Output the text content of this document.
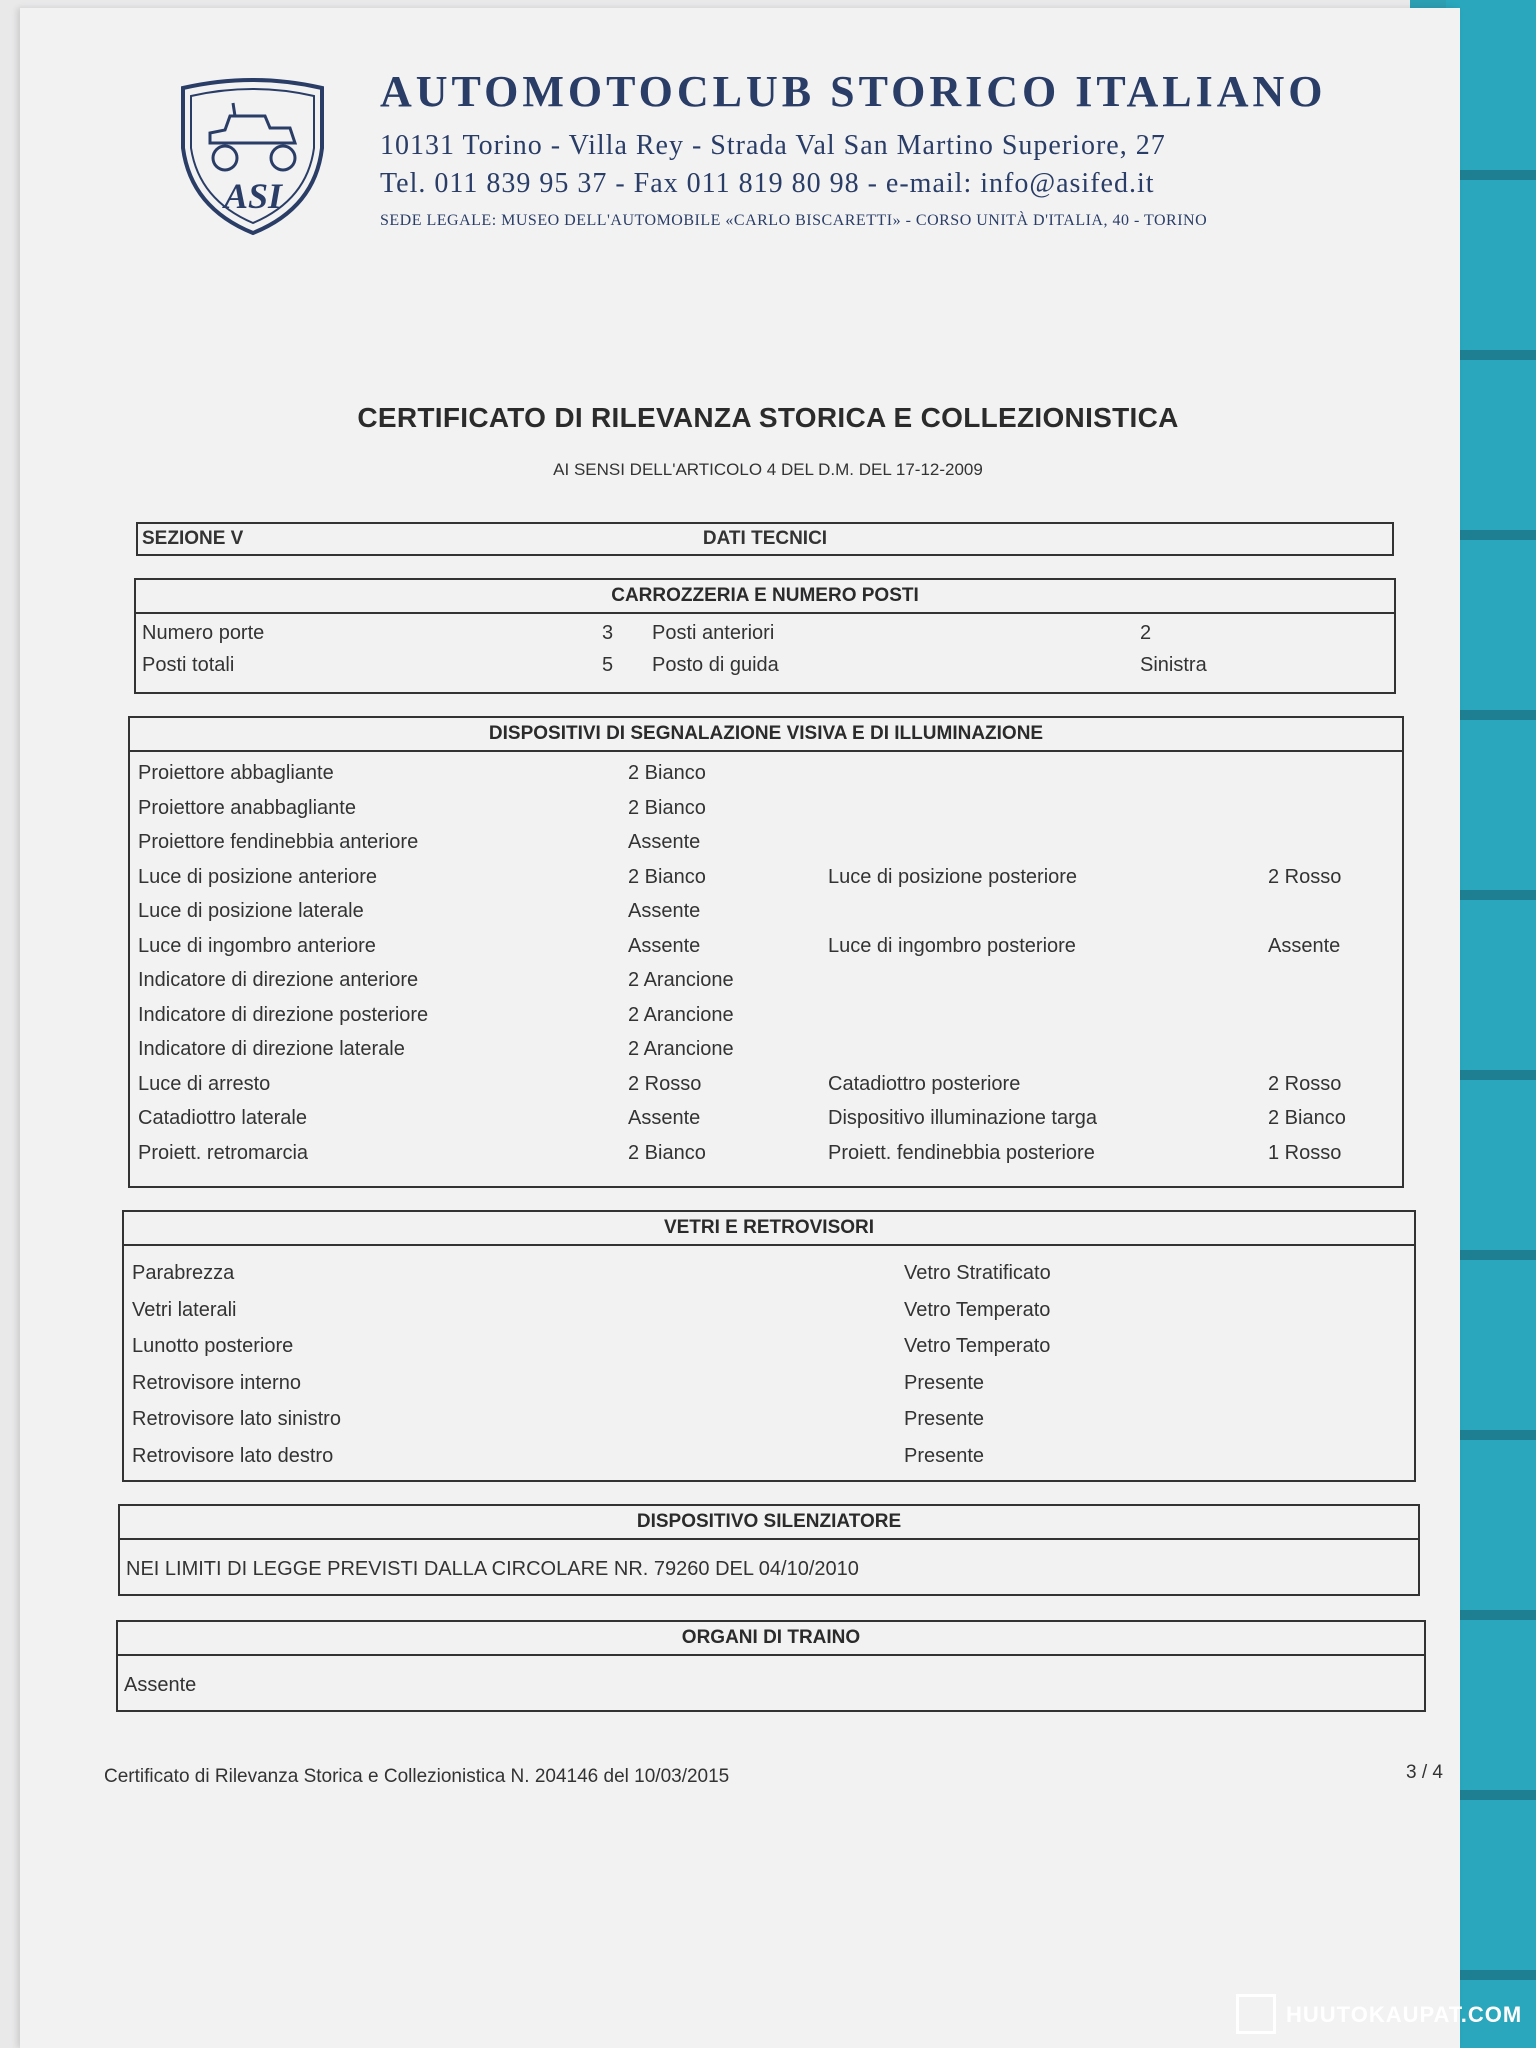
ASI
AUTOMOTOCLUB STORICO ITALIANO
10131 Torino - Villa Rey - Strada Val San Martino Superiore, 27
Tel. 011 839 95 37 - Fax 011 819 80 98 - e-mail: info@asifed.it
SEDE LEGALE: MUSEO DELL'AUTOMOBILE «CARLO BISCARETTI» - CORSO UNITÀ D'ITALIA, 40 - TORINO
CERTIFICATO DI RILEVANZA STORICA E COLLEZIONISTICA
AI SENSI DELL'ARTICOLO 4 DEL D.M. DEL 17-12-2009
SEZIONE V	DATI TECNICI
CARROZZERIA E NUMERO POSTI
Numero porte	3 Posti anteriori	2
Posti totali	5 Posto di guida	Sinistra
DISPOSITIVI DI SEGNALAZIONE VISIVA E DI ILLUMINAZIONE
Proiettore abbagliante	2 Bianco
Proiettore anabbagliante	2 Bianco
Proiettore fendinebbia anteriore	Assente
Luce di posizione anteriore	2 Bianco	Luce di posizione posteriore	2 Rosso
Luce di posizione laterale	Assente
Luce di ingombro anteriore	Assente	Luce di ingombro posteriore	Assente
Indicatore di direzione anteriore	2 Arancione
Indicatore di direzione posteriore	2 Arancione
Indicatore di direzione laterale	2 Arancione
Luce di arresto	2 Rosso	Catadiottro posteriore	2 Rosso
Catadiottro laterale	Assente	Dispositivo illuminazione targa	2 Bianco
Proiett. retromarcia	2 Bianco	Proiett. fendinebbia posteriore	1 Rosso
VETRI E RETROVISORI
Parabrezza	Vetro Stratificato
Vetri laterali	Vetro Temperato
Lunotto posteriore	Vetro Temperato
Retrovisore interno	Presente
Retrovisore lato sinistro	Presente
Retrovisore lato destro	Presente
DISPOSITIVO SILENZIATORE
NEI LIMITI DI LEGGE PREVISTI DALLA CIRCOLARE NR. 79260 DEL 04/10/2010
ORGANI DI TRAINO
Assente
Certificato di Rilevanza Storica e Collezionistica N. 204146 del 10/03/2015	3 / 4
HUUTOKAUPAT.COM
